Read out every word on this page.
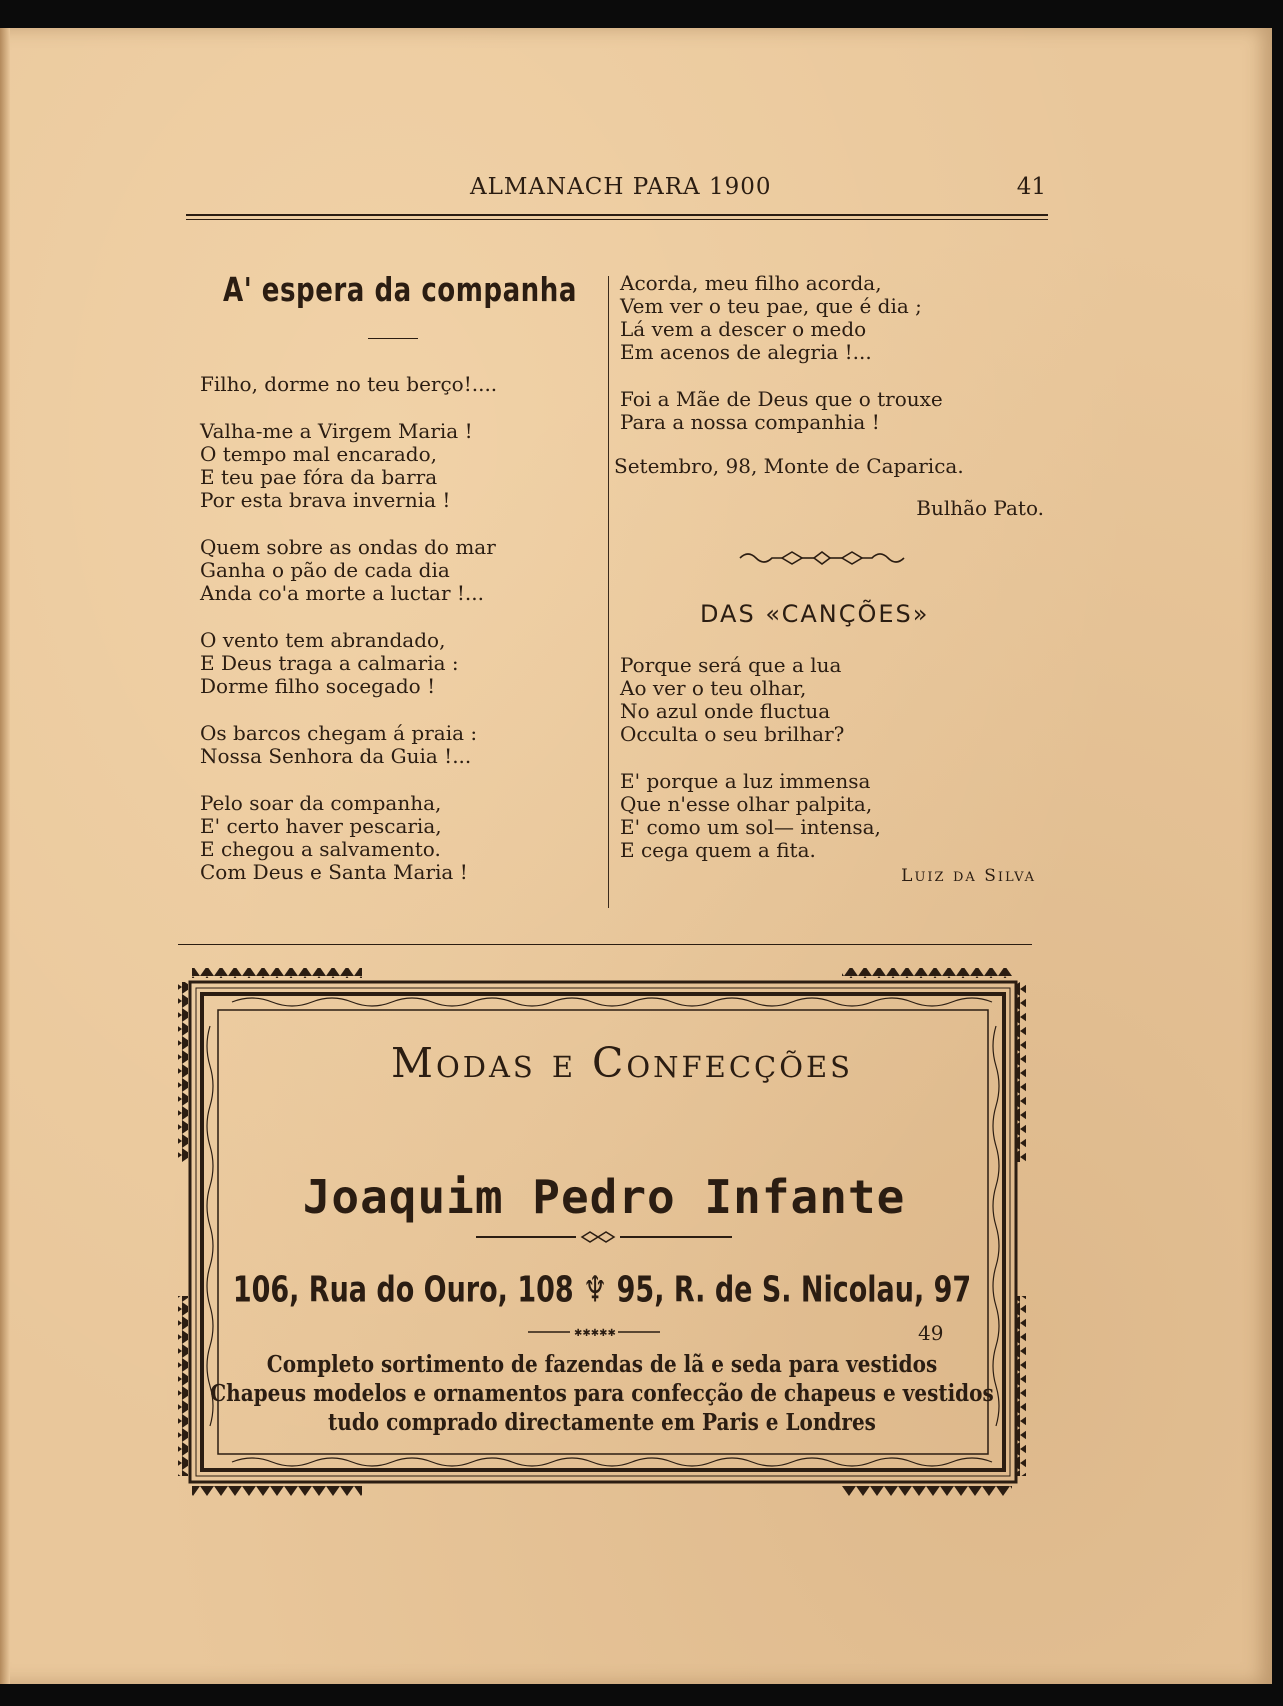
ALMANACH PARA 1900	41
A' espera da companha
Filho, dorme no teu berço!....
Valha-me a Virgem Maria !
O tempo mal encarado,
E teu pae fóra da barra
Por esta brava invernia !
Quem sobre as ondas do mar
Ganha o pão de cada dia
Anda co'a morte a luctar !...
O vento tem abrandado,
E Deus traga a calmaria :
Dorme filho socegado !
Os barcos chegam á praia :
Nossa Senhora da Guia !...
Pelo soar da companha,
E' certo haver pescaria,
E chegou a salvamento.
Com Deus e Santa Maria !
Acorda, meu filho acorda,
Vem ver o teu pae, que é dia ;
Lá vem a descer o medo
Em acenos de alegria !...
Foi a Mãe de Deus que o trouxe
Para a nossa companhia !
Setembro, 98, Monte de Caparica.
Bulhão Pato.
DAS «CANÇÕES»
Porque será que a lua
Ao ver o teu olhar,
No azul onde fluctua
Occulta o seu brilhar?
E' porque a luz immensa
Que n'esse olhar palpita,
E' como um sol— intensa,
E cega quem a fita.
LUIZ DA SILVA
✱✱✱✱✱
Modas e Confecções
Joaquim Pedro Infante
106, Rua do Ouro, 108 ♆ 95, R. de S. Nicolau, 97
49
Completo sortimento de fazendas de lã e seda para vestidos
Chapeus modelos e ornamentos para confecção de chapeus e vestidos
tudo comprado directamente em Paris e Londres
